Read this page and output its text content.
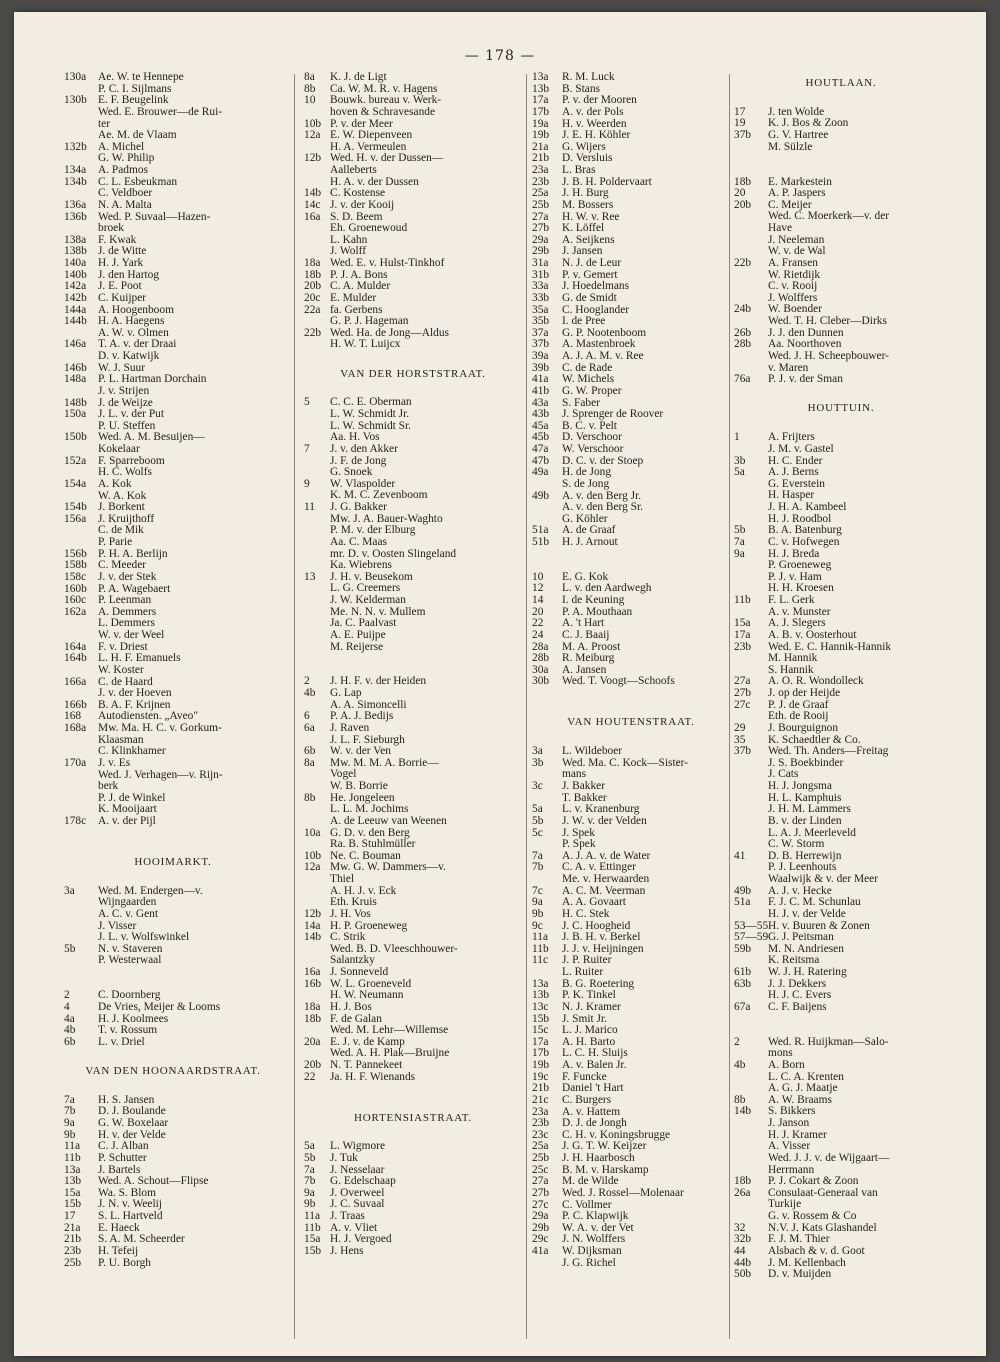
— 178 —
130a	Ae. W. te Hennepe
P. C. I. Sijlmans
130b E. F. Beugelink
Wed. E. Brouwer—de Rui-
ter
Ae. M. de Vlaam
132b A. Michel
G. W. Philip
134a	A. Padmos
134b C. L. Esbeukman
C. Veldboer
136a	N. A. Malta
136b Wed. P. Suvaal—Hazen-
broek
138a	F. Kwak
138b J. de Witte
140a	H. J. Yark
140b J. den Hartog
142a	J. E. Poot
142b C. Kuijper
144a	A. Hoogenboom
144b H. A. Haegens
A. W. v. Olmen
146a	T. A. v. der Draai
D. v. Katwijk
146b W. J. Suur
148a	P. L. Hartman Dorchain
J. v. Strijen
148b J. de Weijze
150a	J. L. v. der Put
P. U. Steffen
150b Wed. A. M. Besuijen—
Kokelaar
152a	F. Sparreboom
H. C. Wolfs
154a	A. Kok
W. A. Kok
154b J. Borkent
156a	J. Kruijthoff
C. de Mik
P. Parie
156b P. H. A. Berlijn
158b C. Meeder
158c	J. v. der Stek
160b P. A. Wagebaert
160c	P. Leenman
162a	A. Demmers
L. Demmers
W. v. der Weel
164a	F. v. Driest
164b L. H. F. Emanuels
W. Koster
166a	C. de Haard
J. v. der Hoeven
166b B. A. F. Krijnen
168	Autodiensten. „Aveo"
168a	Mw. Ma. H. C. v. Gorkum-
Klaasman
C. Klinkhamer
170a	J. v. Es
Wed. J. Verhagen—v. Rijn-
berk
P. J. de Winkel
K. Mooijaart
178c	A. v. der Pijl
HOOIMARKT.
3a	Wed. M. Endergen—v.
Wijngaarden
A. C. v. Gent
J. Visser
J. L. v. Wolfswinkel
5b	N. v. Staveren
P. Westerwaal
2	C. Doornberg
4	De Vries, Meijer & Looms
4a	H. J. Koolmees
4b	T. v. Rossum
6b	L. v. Driel
VAN DEN HOONAARDSTRAAT.
7a	H. S. Jansen
7b	D. J. Boulande
9a	G. W. Boxelaar
9b	H. v. der Velde
11a	C. J. Alban
11b	P. Schutter
13a	J. Bartels
13b	Wed. A. Schout—Flipse
15a	Wa. S. Blom
15b	J. N. v. Weelij
17	S. L. Hartveld
21a	E. Haeck
21b	S. A. M. Scheerder
23b	H. Tefeij
25b	P. U. Borgh
8a	K. J. de Ligt
8b	Ca. W. M. R. v. Hagens
10	Bouwk. bureau v. Werk-
hoven & Schravesande
10b P. v. der Meer
12a E. W. Diepenveen
H. A. Vermeulen
12b Wed. H. v. der Dussen—
Aalleberts
H. A. v. der Dussen
14b C. Kostense
14c J. v. der Kooij
16a S. D. Beem
Eh. Groenewoud
L. Kahn
J. Wolff
18a Wed. E. v. Hulst-Tinkhof
18b P. J. A. Bons
20b C. A. Mulder
20c E. Mulder
22a fa. Gerbens
G. P. J. Hageman
22b Wed. Ha. de Jong—Aldus
H. W. T. Luijcx
VAN DER HORSTSTRAAT.
5	C. C. E. Oberman
L. W. Schmidt Jr.
L. W. Schmidt Sr.
Aa. H. Vos
7	J. v. den Akker
J. F. de Jong
G. Snoek
9	W. Vlaspolder
K. M. C. Zevenboom
11	J. G. Bakker
Mw. J. A. Bauer-Waghto
P. M. v. der Elburg
Aa. C. Maas
mr. D. v. Oosten Slingeland
Ka. Wiebrens
13	J. H. v. Beusekom
L. G. Creemers
J. W. Kelderman
Me. N. N. v. Mullem
Ja. C. Paalvast
A. E. Puijpe
M. Reijerse
2	J. H. F. v. der Heiden
4b	G. Lap
A. A. Simoncelli
6	P. A. J. Bedijs
6a	J. Raven
J. L. F. Sieburgh
6b	W. v. der Ven
8a	Mw. M. M. A. Borrie—
Vogel
W. B. Borrie
8b	He. Jongeleen
L. L. M. Jochims
A. de Leeuw van Weenen
10a G. D. v. den Berg
Ra. B. Stuhlmüller
10b Ne. C. Bouman
12a Mw. G. W. Dammers—v.
Thiel
A. H. J. v. Eck
Eth. Kruis
12b J. H. Vos
14a H. P. Groeneweg
14b C. Strik
Wed. B. D. Vleeschhouwer-
Salantzky
16a J. Sonneveld
16b W. L. Groeneveld
H. W. Neumann
18a H. J. Bos
18b F. de Galan
Wed. M. Lehr—Willemse
20a E. J. v. de Kamp
Wed. A. H. Plak—Bruijne
20b N. T. Pannekeet
22	Ja. H. F. Wienands
HORTENSIASTRAAT.
5a	L. Wigmore
5b	J. Tuk
7a	J. Nesselaar
7b	G. Edelschaap
9a	J. Overweel
9b	J. C. Suvaal
11a J. Traas
11b A. v. Vliet
15a H. J. Vergoed
15b J. Hens
13a	R. M. Luck
13b	B. Stans
17a	P. v. der Mooren
17b	A. v. der Pols
19a	H. v. Weerden
19b	J. E. H. Köhler
21a	G. Wijers
21b	D. Versluis
23a	L. Bras
23b	J. B. H. Poldervaart
25a	J. H. Burg
25b	M. Bossers
27a	H. W. v. Ree
27b	K. Löffel
29a	A. Seijkens
29b	J. Jansen
31a	N. J. de Leur
31b	P. v. Gemert
33a	J. Hoedelmans
33b	G. de Smidt
35a	C. Hooglander
35b	I. de Pree
37a	G. P. Nootenboom
37b	A. Mastenbroek
39a	A. J. A. M. v. Ree
39b	C. de Rade
41a	W. Michels
41b	G. W. Proper
43a	S. Faber
43b	J. Sprenger de Roover
45a	B. C. v. Pelt
45b	D. Verschoor
47a	W. Verschoor
47b	D. C. v. der Stoep
49a	H. de Jong
S. de Jong
49b	A. v. den Berg Jr.
A. v. den Berg Sr.
G. Köhler
51a	A. de Graaf
51b	H. J. Arnout
10	E. G. Kok
12	L. v. den Aardwegh
14	I. de Keuning
20	P. A. Mouthaan
22	A. 't Hart
24	C. J. Baaij
28a	M. A. Proost
28b	R. Meiburg
30a	A. Jansen
30b	Wed. T. Voogt—Schoofs
VAN HOUTENSTRAAT.
3a	L. Wildeboer
3b	Wed. Ma. C. Kock—Sister-
mans
3c	J. Bakker
T. Bakker
5a	L. v. Kranenburg
5b	J. W. v. der Velden
5c	J. Spek
P. Spek
7a	A. J. A. v. de Water
7b	C. A. v. Ettinger
Me. v. Herwaarden
7c	A. C. M. Veerman
9a	A. A. Govaart
9b	H. C. Stek
9c	J. C. Hoogheid
11a	J. B. H. v. Berkel
11b	J. J. v. Heijningen
11c	J. P. Ruiter
L. Ruiter
13a	B. G. Roetering
13b	P. K. Tinkel
13c	N. J. Kramer
15b	J. Smit Jr.
15c	L. J. Marico
17a	A. H. Barto
17b	L. C. H. Sluijs
19b	A. v. Balen Jr.
19c	F. Funcke
21b	Daniel 't Hart
21c	C. Burgers
23a	A. v. Hattem
23b	D. J. de Jongh
23c	C. H. v. Koningsbrugge
25a	J. G. T. W. Keijzer
25b	J. H. Haarbosch
25c	B. M. v. Harskamp
27a	M. de Wilde
27b	Wed. J. Rossel—Molenaar
27c	C. Vollmer
29a	P. C. Klapwijk
29b	W. A. v. der Vet
29c	J. N. Wolffers
41a	W. Dijksman
J. G. Richel
HOUTLAAN.
17	J. ten Wolde
19	K. J. Bos & Zoon
37b	G. V. Hartree
M. Sülzle
18b	E. Markestein
20	A. P. Jaspers
20b	C. Meijer
Wed. C. Moerkerk—v. der
Have
J. Neeleman
W. v. de Wal
22b	A. Fransen
W. Rietdijk
C. v. Rooij
J. Wolffers
24b	W. Boender
Wed. T. H. Cleber—Dirks
26b	J. J. den Dunnen
28b	Aa. Noorthoven
Wed. J. H. Scheepbouwer-
v. Maren
76a	P. J. v. der Sman
HOUTTUIN.
1	A. Frijters
J. M. v. Gastel
3b	H. C. Ender
5a	A. J. Berns
G. Everstein
H. Hasper
J. H. A. Kambeel
H. J. Roodbol
5b	B. A. Batenburg
7a	C. v. Hofwegen
9a	H. J. Breda
P. Groeneweg
P. J. v. Ham
H. H. Kroesen
11b	F. L. Gerk
A. v. Munster
15a	A. J. Slegers
17a	A. B. v. Oosterhout
23b	Wed. E. C. Hannik-Hannik
M. Hannik
S. Hannik
27a	A. O. R. Wondolleck
27b	J. op der Heijde
27c	P. J. de Graaf
Eth. de Rooij
29	J. Bourguignon
35	K. Schaedtler & Co.
37b	Wed. Th. Anders—Freitag
J. S. Boekbinder
J. Cats
H. J. Jongsma
H. L. Kamphuis
J. H. M. Lammers
B. v. der Linden
L. A. J. Meerleveld
C. W. Storm
41	D. B. Herrewijn
P. J. Leenhouts
Waalwijk & v. der Meer
49b	A. J. v. Hecke
51a	F. J. C. M. Schunlau
H. J. v. der Velde
53—55 H. v. Buuren & Zonen
57—59 G. J. Peitsman
59b	M. N. Andriesen
K. Reitsma
61b	W. J. H. Ratering
63b	J. J. Dekkers
H. J. C. Evers
67a	C. F. Baijens
2	Wed. R. Huijkman—Salo-
mons
4b	A. Born
L. C. A. Krenten
A. G. J. Maatje
8b	A. W. Braams
14b	S. Bikkers
J. Janson
H. J. Kramer
A. Visser
Wed. J. J. v. de Wijgaart—
Herrmann
18b	P. J. Cokart & Zoon
26a	Consulaat-Generaal van
Turkije
G. v. Rossem & Co
32	N.V. J. Kats Glashandel
32b	F. J. M. Thier
44	Alsbach & v. d. Goot
44b	J. M. Kellenbach
50b	D. v. Muijden
